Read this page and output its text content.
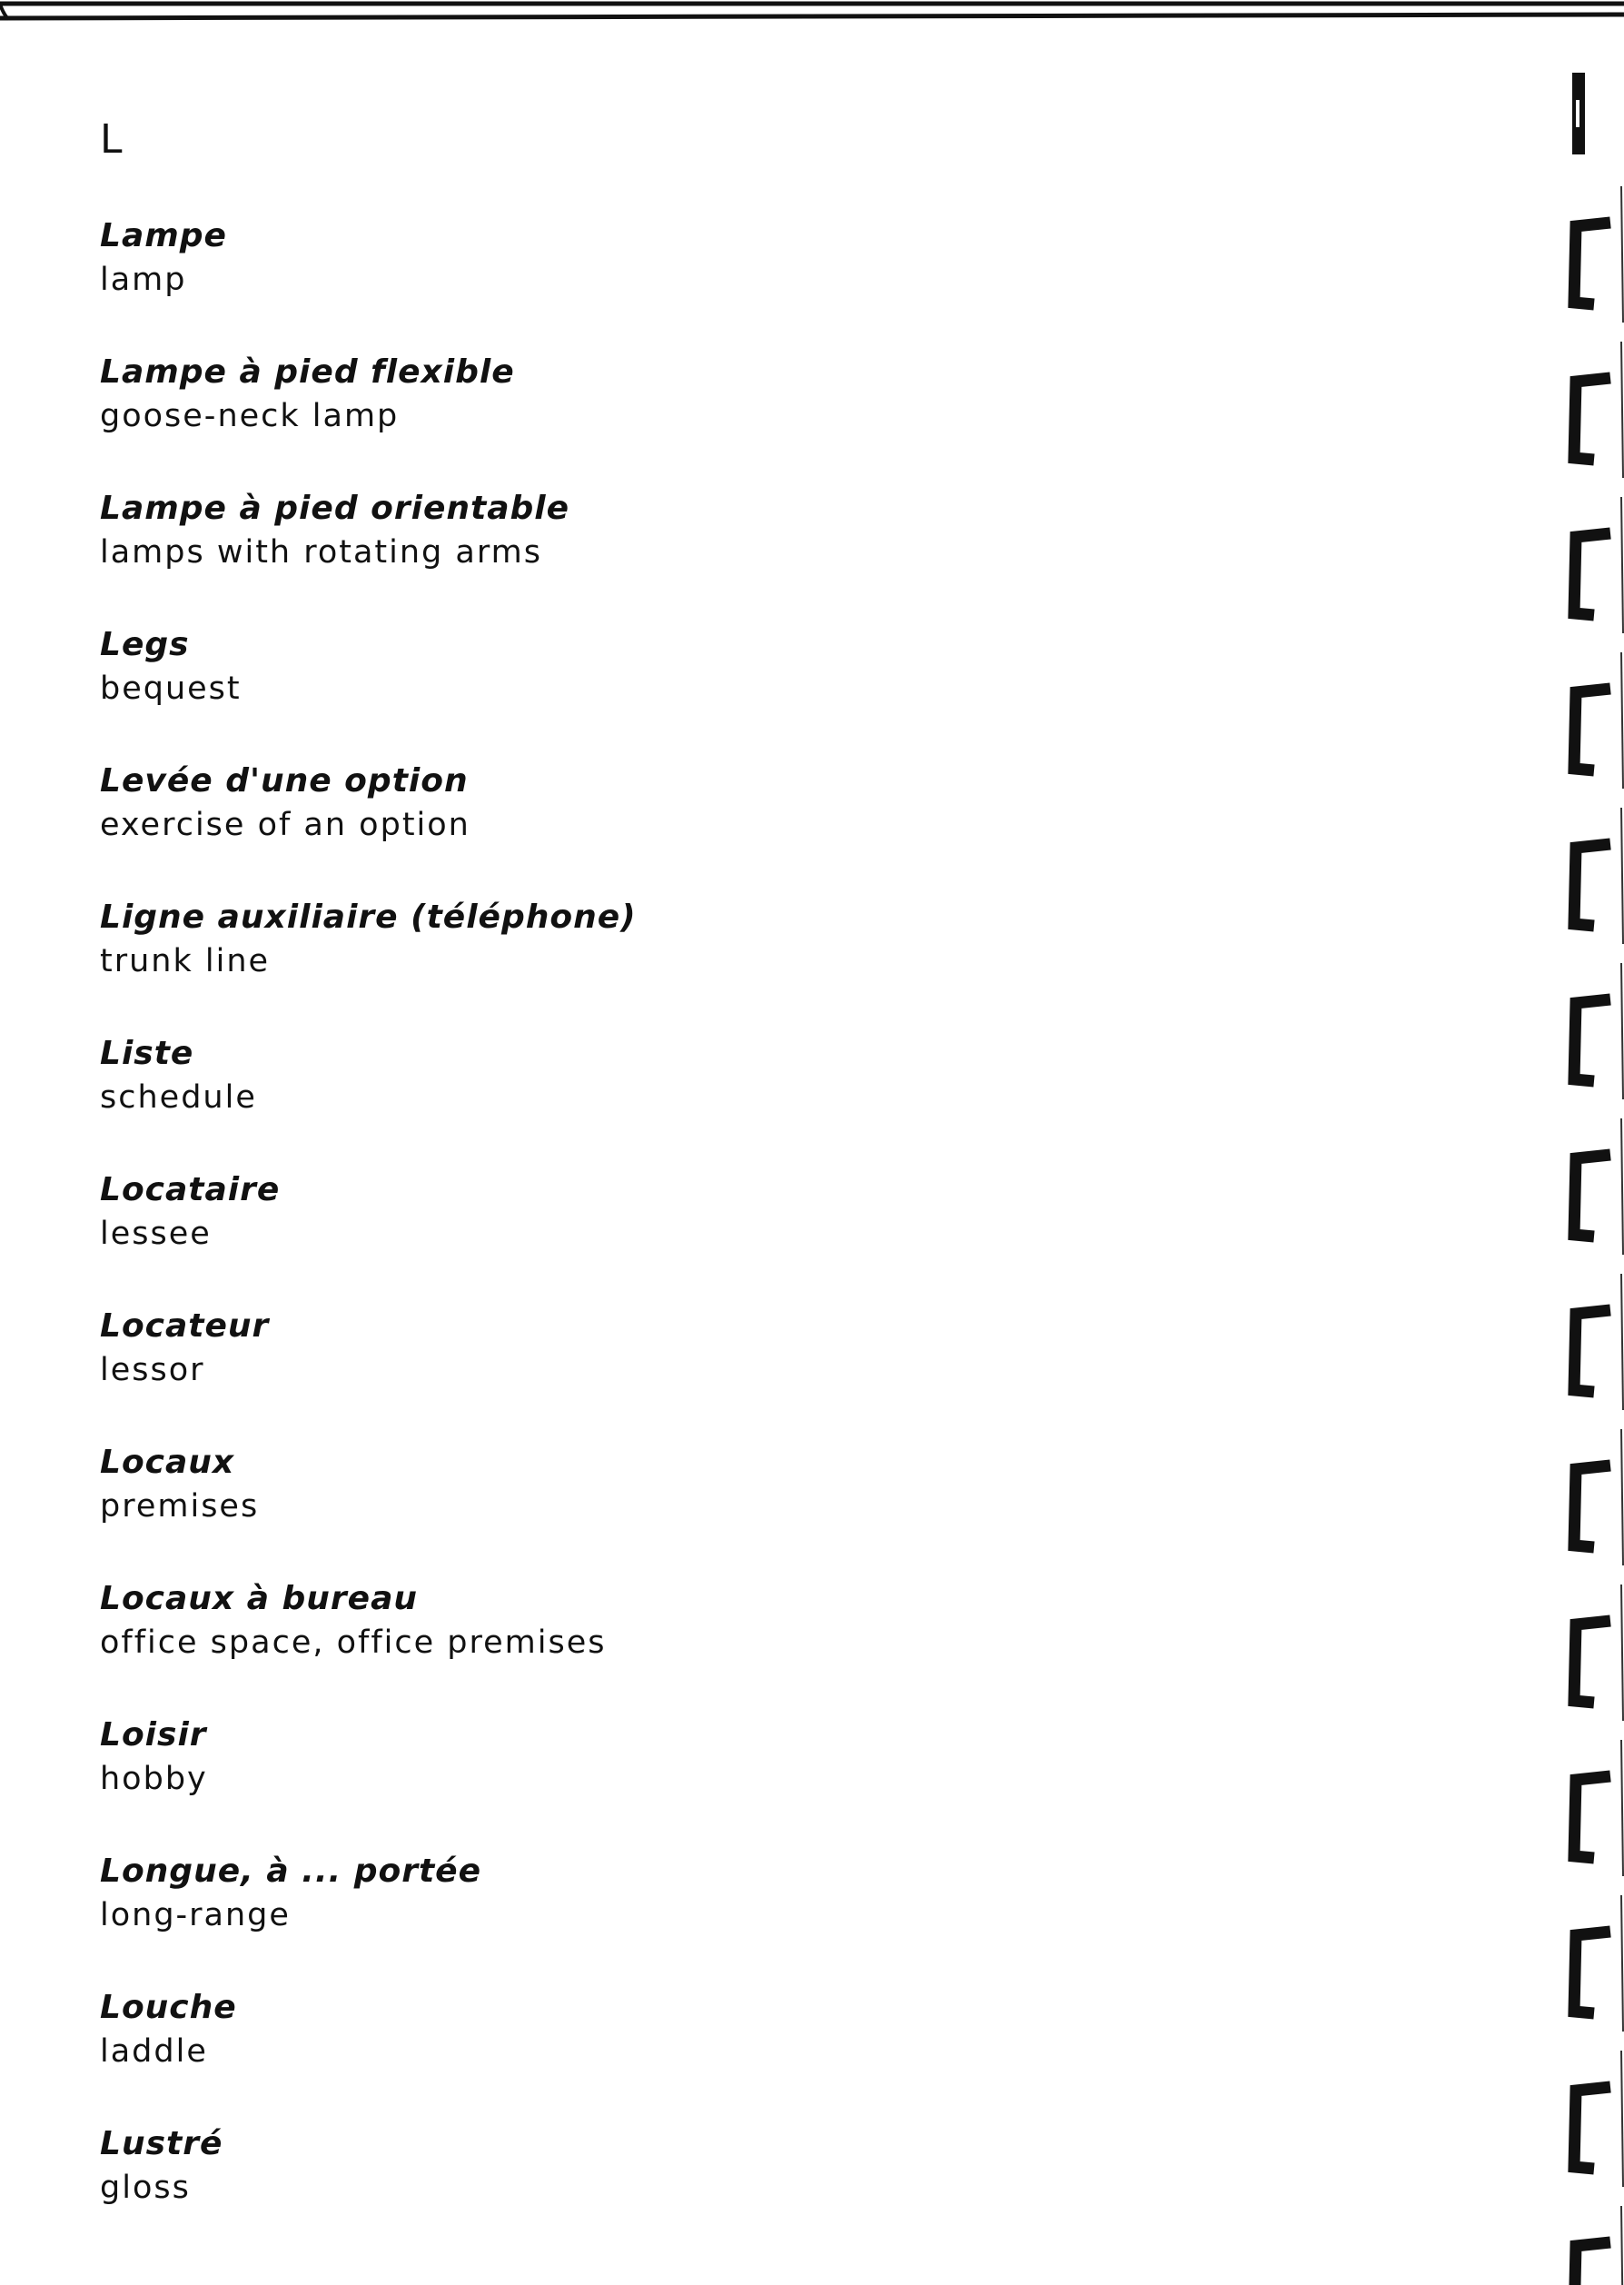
L
Lampe
lamp
Lampe à pied flexible
goose-neck lamp
Lampe à pied orientable
lamps with rotating arms
Legs
bequest
Levée d'une option
exercise of an option
Ligne auxiliaire (téléphone)
trunk line
Liste
schedule
Locataire
lessee
Locateur
lessor
Locaux
premises
Locaux à bureau
office space, office premises
Loisir
hobby
Longue, à ... portée
long-range
Louche
laddle
Lustré
gloss
